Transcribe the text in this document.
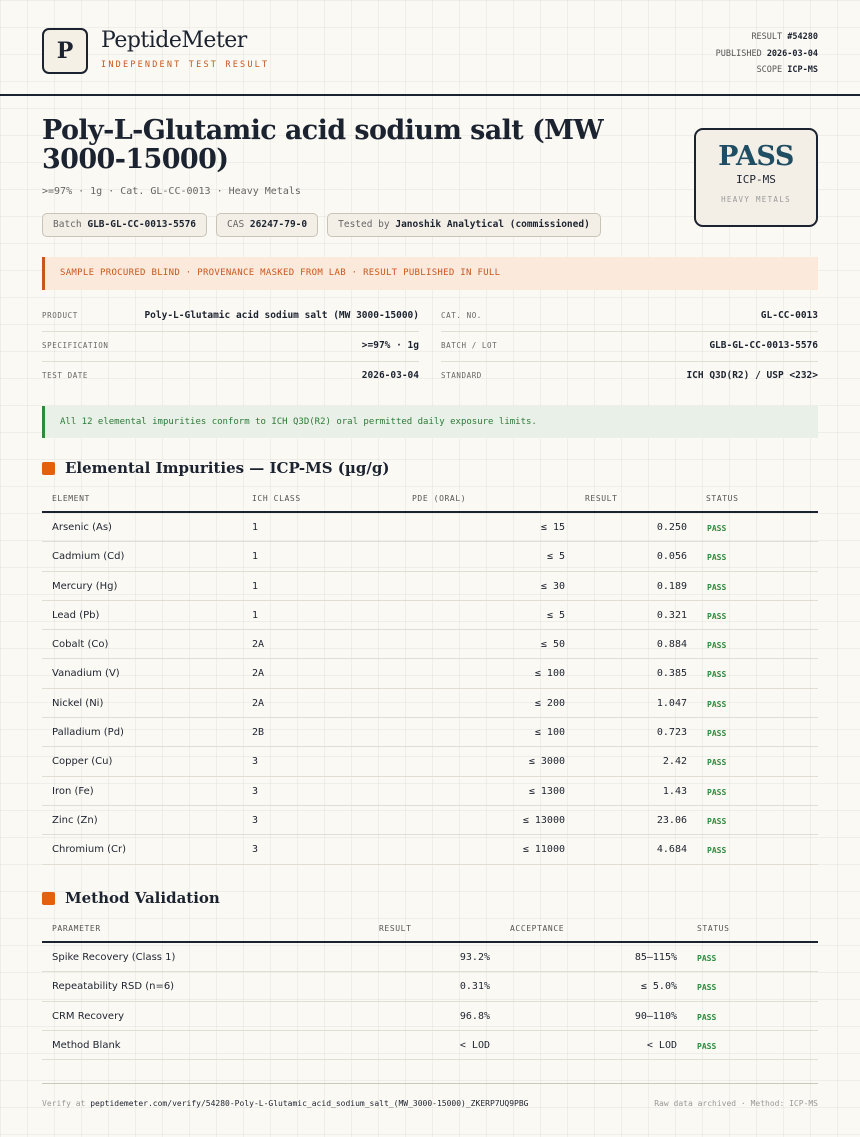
P PeptideMeter
INDEPENDENT TEST RESULT
RESULT #54280
PUBLISHED 2026-03-04
SCOPE ICP-MS
Poly-L-Glutamic acid sodium salt (MW 3000-15000)
>=97% · 1g · Cat. GL-CC-0013 · Heavy Metals
Batch GLB-GL-CC-0013-5576	CAS 26247-79-0	Tested by Janoshik Analytical (commissioned)
PASS
ICP-MS
HEAVY METALS
SAMPLE PROCURED BLIND · PROVENANCE MASKED FROM LAB · RESULT PUBLISHED IN FULL
PRODUCT	Poly-L-Glutamic acid sodium salt (MW 3000-15000)
SPECIFICATION	>=97% · 1g
TEST DATE	2026-03-04
CAT. NO.	GL-CC-0013
BATCH / LOT	GLB-GL-CC-0013-5576
STANDARD	ICH Q3D(R2) / USP <232>
All 12 elemental impurities conform to ICH Q3D(R2) oral permitted daily exposure limits.
Elemental Impurities — ICP-MS (µg/g)
ELEMENT	ICH CLASS	PDE (ORAL)	RESULT	STATUS
Arsenic (As)	1	≤ 15	0.250	PASS
Cadmium (Cd)	1	≤ 5	0.056	PASS
Mercury (Hg)	1	≤ 30	0.189	PASS
Lead (Pb)	1	≤ 5	0.321	PASS
Cobalt (Co)	2A	≤ 50	0.884	PASS
Vanadium (V)	2A	≤ 100	0.385	PASS
Nickel (Ni)	2A	≤ 200	1.047	PASS
Palladium (Pd)	2B	≤ 100	0.723	PASS
Copper (Cu)	3	≤ 3000	2.42	PASS
Iron (Fe)	3	≤ 1300	1.43	PASS
Zinc (Zn)	3	≤ 13000	23.06	PASS
Chromium (Cr)	3	≤ 11000	4.684	PASS
Method Validation
PARAMETER	RESULT	ACCEPTANCE	STATUS
Spike Recovery (Class 1)	93.2%	85–115%	PASS
Repeatability RSD (n=6)	0.31%	≤ 5.0%	PASS
CRM Recovery	96.8%	90–110%	PASS
Method Blank	< LOD	< LOD	PASS
Verify at peptidemeter.com/verify/54280-Poly-L-Glutamic_acid_sodium_salt_(MW_3000-15000)_ZKERP7UQ9PBG	Raw data archived · Method: ICP-MS
